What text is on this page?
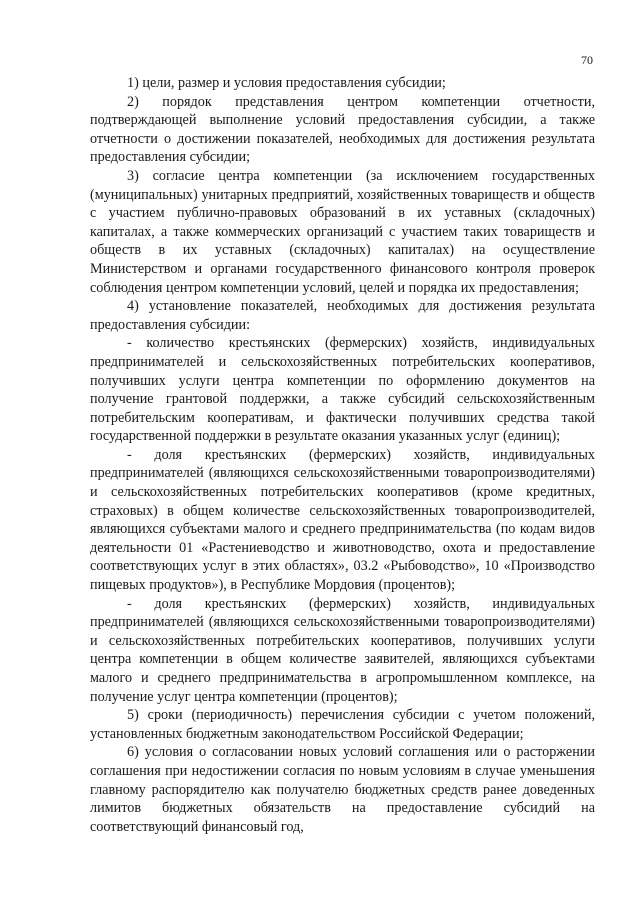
70

1) цели, размер и условия предоставления субсидии;

2) порядок представления центром компетенции отчетности, подтверждающей выполнение условий предоставления субсидии, а также отчетности о достижении показателей, необходимых для достижения результата предоставления субсидии;

3) согласие центра компетенции (за исключением государственных (муниципальных) унитарных предприятий, хозяйственных товариществ и обществ с участием публично-правовых образований в их уставных (складочных) капиталах, а также коммерческих организаций с участием таких товариществ и обществ в их уставных (складочных) капиталах) на осуществление Министерством и органами государственного финансового контроля проверок соблюдения центром компетенции условий, целей и порядка их предоставления;

4) установление показателей, необходимых для достижения результата предоставления субсидии:

- количество крестьянских (фермерских) хозяйств, индивидуальных предпринимателей и сельскохозяйственных потребительских кооперативов, получивших услуги центра компетенции по оформлению документов на получение грантовой поддержки, а также субсидий сельскохозяйственным потребительским кооперативам, и фактически получивших средства такой государственной поддержки в результате оказания указанных услуг (единиц);

- доля крестьянских (фермерских) хозяйств, индивидуальных предпринимателей (являющихся сельскохозяйственными товаропроизводителями) и сельскохозяйственных потребительских кооперативов (кроме кредитных, страховых) в общем количестве сельскохозяйственных товаропроизводителей, являющихся субъектами малого и среднего предпринимательства (по кодам видов деятельности 01 «Растениеводство и животноводство, охота и предоставление соответствующих услуг в этих областях», 03.2 «Рыбоводство», 10 «Производство пищевых продуктов»), в Республике Мордовия (процентов);

- доля крестьянских (фермерских) хозяйств, индивидуальных предпринимателей (являющихся сельскохозяйственными товаропроизводителями) и сельскохозяйственных потребительских кооперативов, получивших услуги центра компетенции в общем количестве заявителей, являющихся субъектами малого и среднего предпринимательства в агропромышленном комплексе, на получение услуг центра компетенции (процентов);

5) сроки (периодичность) перечисления субсидии с учетом положений, установленных бюджетным законодательством Российской Федерации;

6) условия о согласовании новых условий соглашения или о расторжении соглашения при недостижении согласия по новым условиям в случае уменьшения главному распорядителю как получателю бюджетных средств ранее доведенных лимитов бюджетных обязательств на предоставление субсидий на соответствующий финансовый год,
